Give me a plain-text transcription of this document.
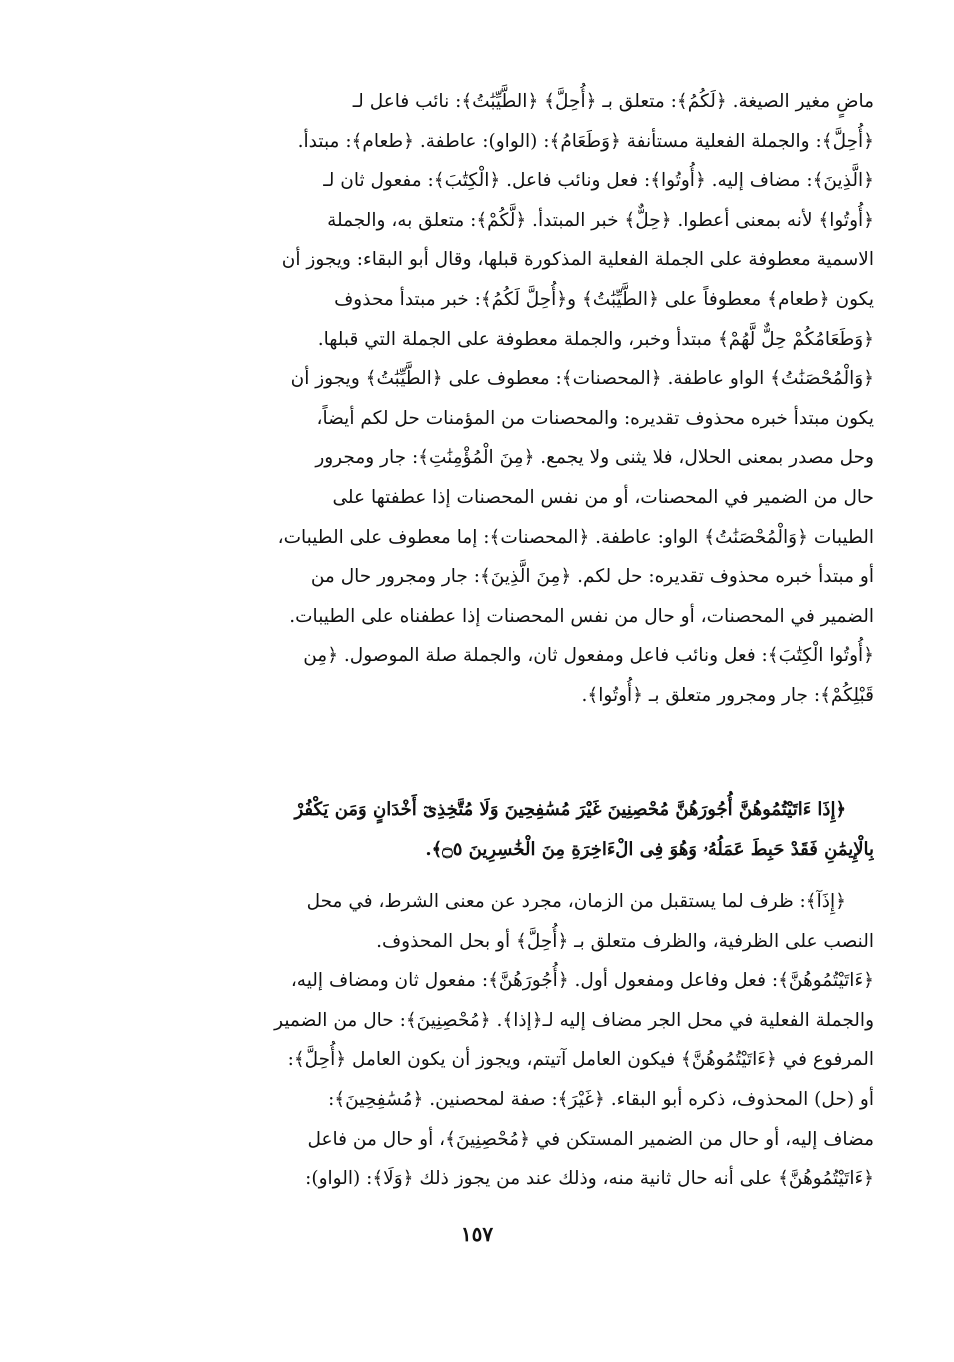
ماضٍ مغير الصيغة. ﴿لَكُمُ﴾: متعلق بـ ﴿أُحِلَّ﴾ ﴿الطَّيِّبَٰتُ﴾: نائب فاعل لـ
﴿أُحِلَّ﴾: والجملة الفعلية مستأنفة ﴿وَطَعَامُ﴾: (الواو): عاطفة. ﴿طعام﴾: مبتدأ.
﴿الَّذِينَ﴾: مضاف إليه. ﴿أُوتُوا﴾: فعل ونائب فاعل. ﴿الْكِتَٰبَ﴾: مفعول ثان لـ
﴿أُوتُوا﴾ لأنه بمعنى أعطوا. ﴿حِلٌّ﴾ خبر المبتدأ. ﴿لَّكُمْ﴾: متعلق به، والجملة
الاسمية معطوفة على الجملة الفعلية المذكورة قبلها، وقال أبو البقاء: ويجوز أن
يكون ﴿طعام﴾ معطوفاً على ﴿الطَّيِّبَٰتُ﴾ و﴿أُحِلَّ لَكُمُ﴾: خبر مبتدأ محذوف
﴿وَطَعَامُكُمْ حِلٌّ لَّهُمْ﴾ مبتدأ وخبر، والجملة معطوفة على الجملة التي قبلها.
﴿وَالْمُحْصَنَٰتُ﴾ الواو عاطفة. ﴿المحصنات﴾: معطوف على ﴿الطَّيِّبَٰتُ﴾ ويجوز أن
يكون مبتدأ خبره محذوف تقديره: والمحصنات من المؤمنات حل لكم أيضاً،
وحل مصدر بمعنى الحلال، فلا يثنى ولا يجمع. ﴿مِنَ الْمُؤْمِنَٰتِ﴾: جار ومجرور
حال من الضمير في المحصنات، أو من نفس المحصنات إذا عطفتها على
الطيبات ﴿وَالْمُحْصَنَٰتُ﴾ الواو: عاطفة. ﴿المحصنات﴾: إما معطوف على الطيبات،
أو مبتدأ خبره محذوف تقديره: حل لكم. ﴿مِنَ الَّذِينَ﴾: جار ومجرور حال من
الضمير في المحصنات، أو حال من نفس المحصنات إذا عطفناه على الطيبات.
﴿أُوتُوا الْكِتَٰبَ﴾: فعل ونائب فاعل ومفعول ثان، والجملة صلة الموصول. ﴿مِن
قَبْلِكُمْ﴾: جار ومجرور متعلق بـ ﴿أُوتُوا﴾.
﴿إِذَا ءَاتَيْتُمُوهُنَّ أُجُورَهُنَّ مُحْصِنِينَ غَيْرَ مُسَٰفِحِينَ وَلَا مُتَّخِذِىٓ أَخْدَانٍ وَمَن يَكْفُرْ
بِالْإِيمَٰنِ فَقَدْ حَبِطَ عَمَلُهُۥ وَهُوَ فِى الْءَاخِرَةِ مِنَ الْخَٰسِرِينَ ۝٥﴾.
﴿إِذَآ﴾: ظرف لما يستقبل من الزمان، مجرد عن معنى الشرط، في محل
النصب على الظرفية، والظرف متعلق بـ ﴿أُحِلَّ﴾ أو بحل المحذوف.
﴿ءَاتَيْتُمُوهُنَّ﴾: فعل وفاعل ومفعول أول. ﴿أُجُورَهُنَّ﴾: مفعول ثان ومضاف إليه،
والجملة الفعلية في محل الجر مضاف إليه لـ﴿إذا﴾. ﴿مُحْصِنِينَ﴾: حال من الضمير
المرفوع في ﴿ءَاتَيْتُمُوهُنَّ﴾ فيكون العامل آتيتم، ويجوز أن يكون العامل ﴿أُحِلَّ﴾:
أو (حل) المحذوف، ذكره أبو البقاء. ﴿غَيْرَ﴾: صفة لمحصنين. ﴿مُسَٰفِحِينَ﴾:
مضاف إليه، أو حال من الضمير المستكن في ﴿مُحْصِنِينَ﴾، أو حال من فاعل
﴿ءَاتَيْتُمُوهُنَّ﴾ على أنه حال ثانية منه، وذلك عند من يجوز ذلك ﴿وَلَا﴾: (الواو):
١٥٧
